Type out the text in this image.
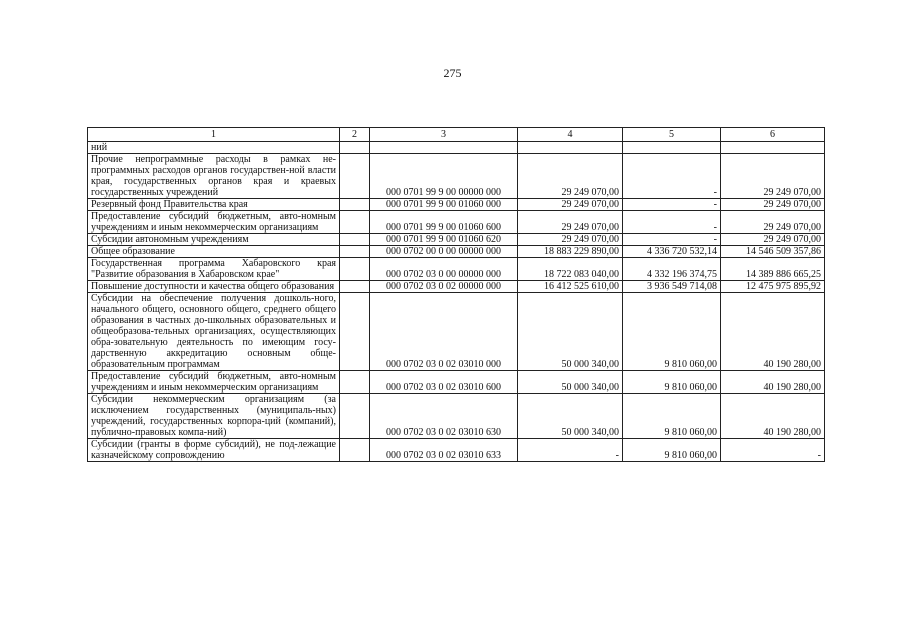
275
1	2	3	4	5	6
ний					
Прочие непрограммные расходы в рамках не-программных расходов органов государствен-ной власти края, государственных органов края и краевых государственных учреждений		000 0701 99 9 00 00000 000	29 249 070,00	-	29 249 070,00
Резервный фонд Правительства края		000 0701 99 9 00 01060 000	29 249 070,00	-	29 249 070,00
Предоставление субсидий бюджетным, авто-номным учреждениям и иным некоммерческим организациям		000 0701 99 9 00 01060 600	29 249 070,00	-	29 249 070,00
Субсидии автономным учреждениям		000 0701 99 9 00 01060 620	29 249 070,00	-	29 249 070,00
Общее образование		000 0702 00 0 00 00000 000	18 883 229 890,00	4 336 720 532,14	14 546 509 357,86
Государственная программа Хабаровского края "Развитие образования в Хабаровском крае"		000 0702 03 0 00 00000 000	18 722 083 040,00	4 332 196 374,75	14 389 886 665,25
Повышение доступности и качества общего образования		000 0702 03 0 02 00000 000	16 412 525 610,00	3 936 549 714,08	12 475 975 895,92
Субсидии на обеспечение получения дошколь-ного, начального общего, основного общего, среднего общего образования в частных до-школьных образовательных и общеобразова-тельных организациях, осуществляющих обра-зовательную деятельность по имеющим госу-дарственную аккредитацию основным обще-образовательным программам		000 0702 03 0 02 03010 000	50 000 340,00	9 810 060,00	40 190 280,00
Предоставление субсидий бюджетным, авто-номным учреждениям и иным некоммерческим организациям		000 0702 03 0 02 03010 600	50 000 340,00	9 810 060,00	40 190 280,00
Субсидии некоммерческим организациям (за исключением государственных (муниципаль-ных) учреждений, государственных корпора-ций (компаний), публично-правовых компа-ний)		000 0702 03 0 02 03010 630	50 000 340,00	9 810 060,00	40 190 280,00
Субсидии (гранты в форме субсидий), не под-лежащие казначейскому сопровождению		000 0702 03 0 02 03010 633	-	9 810 060,00	-
